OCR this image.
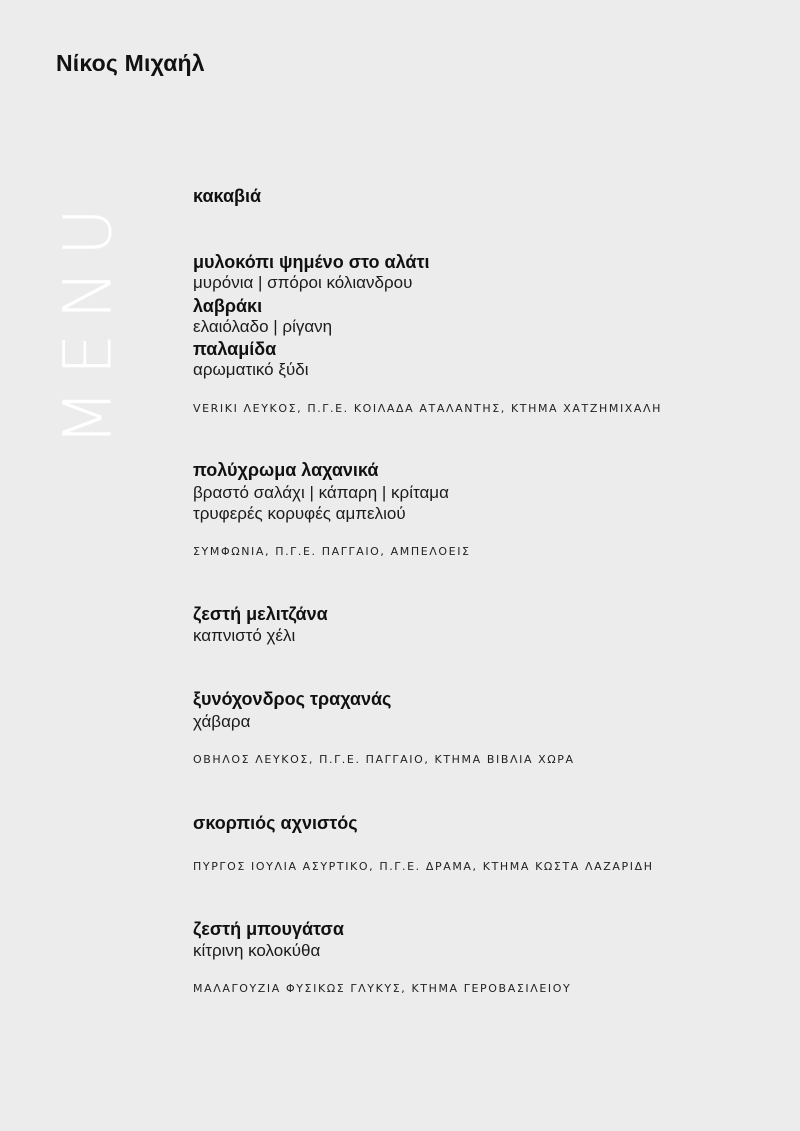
Νίκος Μιχαήλ
MENU	κακαβιά

μυλοκόπι ψημένο στο αλάτι

μυρόνια | σπόροι κόλιανδρου

λαβράκι

ελαιόλαδο | ρίγανη

παλαμίδα

αρωματικό ξύδι

VERIKI ΛΕΥΚΟΣ, Π.Γ.Ε. ΚΟΙΛΑΔΑ ΑΤΑΛΑΝΤΗΣ, ΚΤΗΜΑ ΧΑΤΖΗΜΙΧΑΛΗ

πολύχρωμα λαχανικά

βραστό σαλάχι | κάπαρη | κρίταμα

τρυφερές κορυφές αμπελιού

ΣΥΜΦΩΝΙΑ, Π.Γ.Ε. ΠΑΓΓΑΙΟ, ΑΜΠΕΛΟΕΙΣ

ζεστή μελιτζάνα

καπνιστό χέλι

ξυνόχονδρος τραχανάς

χάβαρα

ΟΒΗΛΟΣ ΛΕΥΚΟΣ, Π.Γ.Ε. ΠΑΓΓΑΙΟ, ΚΤΗΜΑ ΒΙΒΛΙΑ ΧΩΡΑ

σκορπιός αχνιστός

ΠΥΡΓΟΣ ΙΟΥΛΙΑ ΑΣΥΡΤΙΚΟ, Π.Γ.Ε. ΔΡΑΜΑ, ΚΤΗΜΑ ΚΩΣΤΑ ΛΑΖΑΡΙΔΗ

ζεστή μπουγάτσα

κίτρινη κολοκύθα

ΜΑΛΑΓΟΥΖΙΑ ΦΥΣΙΚΩΣ ΓΛΥΚΥΣ, ΚΤΗΜΑ ΓΕΡΟΒΑΣΙΛΕΙΟΥ
